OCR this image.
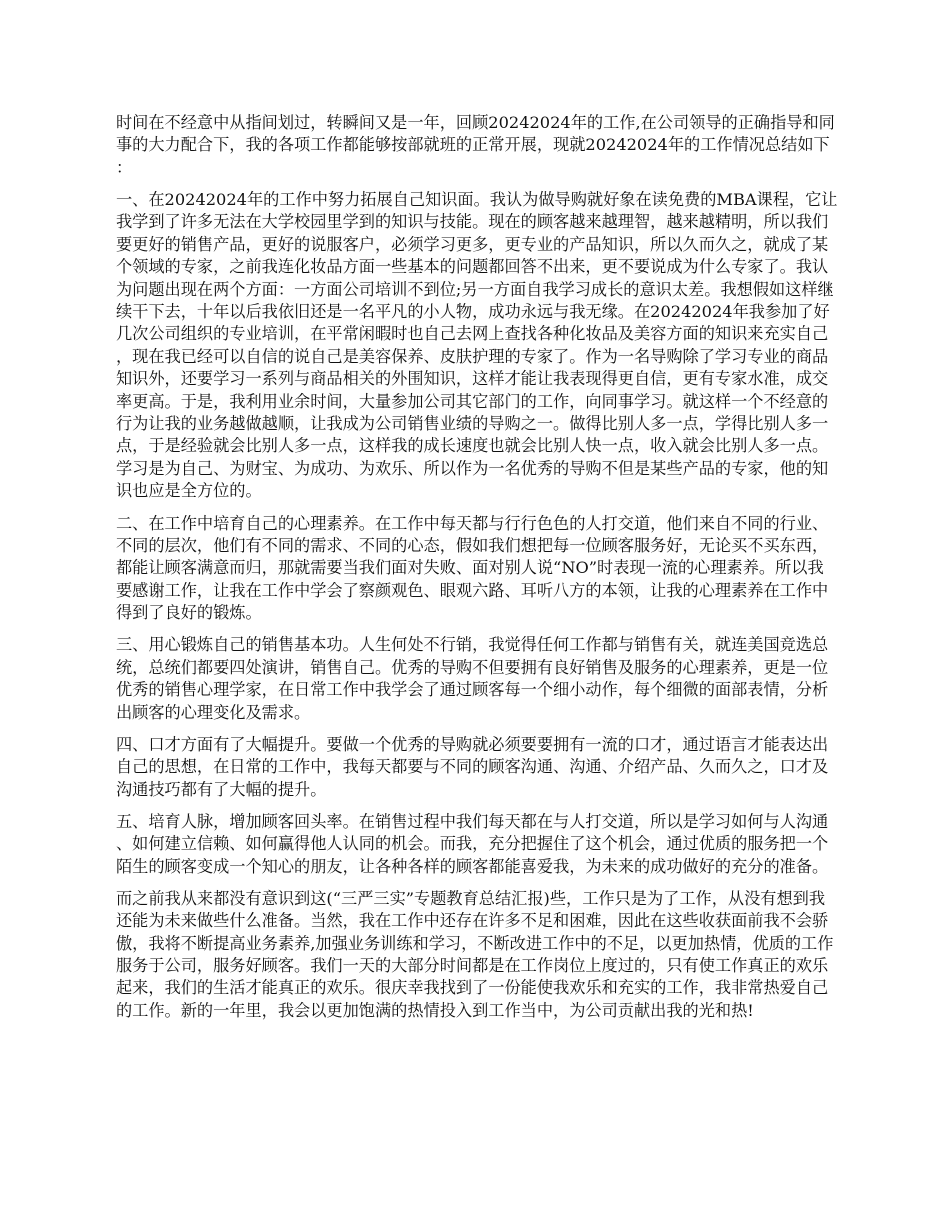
时间在不经意中从指间划过，转瞬间又是一年，回顾20242024年的工作,在公司领导的正确指导和同事的大力配合下，我的各项工作都能够按部就班的正常开展，现就20242024年的工作情况总结如下：

一、在20242024年的工作中努力拓展自己知识面。我认为做导购就好象在读免费的MBA课程，它让我学到了许多无法在大学校园里学到的知识与技能。现在的顾客越来越理智，越来越精明，所以我们要更好的销售产品，更好的说服客户，必须学习更多，更专业的产品知识，所以久而久之，就成了某个领域的专家，之前我连化妆品方面一些基本的问题都回答不出来，更不要说成为什么专家了。我认为问题出现在两个方面：一方面公司培训不到位;另一方面自我学习成长的意识太差。我想假如这样继续干下去，十年以后我依旧还是一名平凡的小人物，成功永远与我无缘。在20242024年我参加了好几次公司组织的专业培训，在平常闲暇时也自己去网上查找各种化妆品及美容方面的知识来充实自己，现在我已经可以自信的说自己是美容保养、皮肤护理的专家了。作为一名导购除了学习专业的商品知识外，还要学习一系列与商品相关的外围知识，这样才能让我表现得更自信，更有专家水准，成交率更高。于是，我利用业余时间，大量参加公司其它部门的工作，向同事学习。就这样一个不经意的行为让我的业务越做越顺，让我成为公司销售业绩的导购之一。做得比别人多一点，学得比别人多一点，于是经验就会比别人多一点，这样我的成长速度也就会比别人快一点，收入就会比别人多一点。学习是为自己、为财宝、为成功、为欢乐、所以作为一名优秀的导购不但是某些产品的专家，他的知识也应是全方位的。

二、在工作中培育自己的心理素养。在工作中每天都与行行色色的人打交道，他们来自不同的行业、不同的层次，他们有不同的需求、不同的心态，假如我们想把每一位顾客服务好，无论买不买东西，都能让顾客满意而归，那就需要当我们面对失败、面对别人说“NO”时表现一流的心理素养。所以我要感谢工作，让我在工作中学会了察颜观色、眼观六路、耳听八方的本领，让我的心理素养在工作中得到了良好的锻炼。

三、用心锻炼自己的销售基本功。人生何处不行销，我觉得任何工作都与销售有关，就连美国竞选总统，总统们都要四处演讲，销售自己。优秀的导购不但要拥有良好销售及服务的心理素养，更是一位优秀的销售心理学家，在日常工作中我学会了通过顾客每一个细小动作，每个细微的面部表情，分析出顾客的心理变化及需求。

四、口才方面有了大幅提升。要做一个优秀的导购就必须要要拥有一流的口才，通过语言才能表达出自己的思想，在日常的工作中，我每天都要与不同的顾客沟通、沟通、介绍产品、久而久之，口才及沟通技巧都有了大幅的提升。

五、培育人脉，增加顾客回头率。在销售过程中我们每天都在与人打交道，所以是学习如何与人沟通、如何建立信赖、如何赢得他人认同的机会。而我，充分把握住了这个机会，通过优质的服务把一个陌生的顾客变成一个知心的朋友，让各种各样的顾客都能喜爱我，为未来的成功做好的充分的准备。

而之前我从来都没有意识到这(“三严三实”专题教育总结汇报)些，工作只是为了工作，从没有想到我还能为未来做些什么准备。当然，我在工作中还存在许多不足和困难，因此在这些收获面前我不会骄傲，我将不断提高业务素养,加强业务训练和学习，不断改进工作中的不足，以更加热情，优质的工作服务于公司，服务好顾客。我们一天的大部分时间都是在工作岗位上度过的，只有使工作真正的欢乐起来，我们的生活才能真正的欢乐。很庆幸我找到了一份能使我欢乐和充实的工作，我非常热爱自己的工作。新的一年里，我会以更加饱满的热情投入到工作当中，为公司贡献出我的光和热!
